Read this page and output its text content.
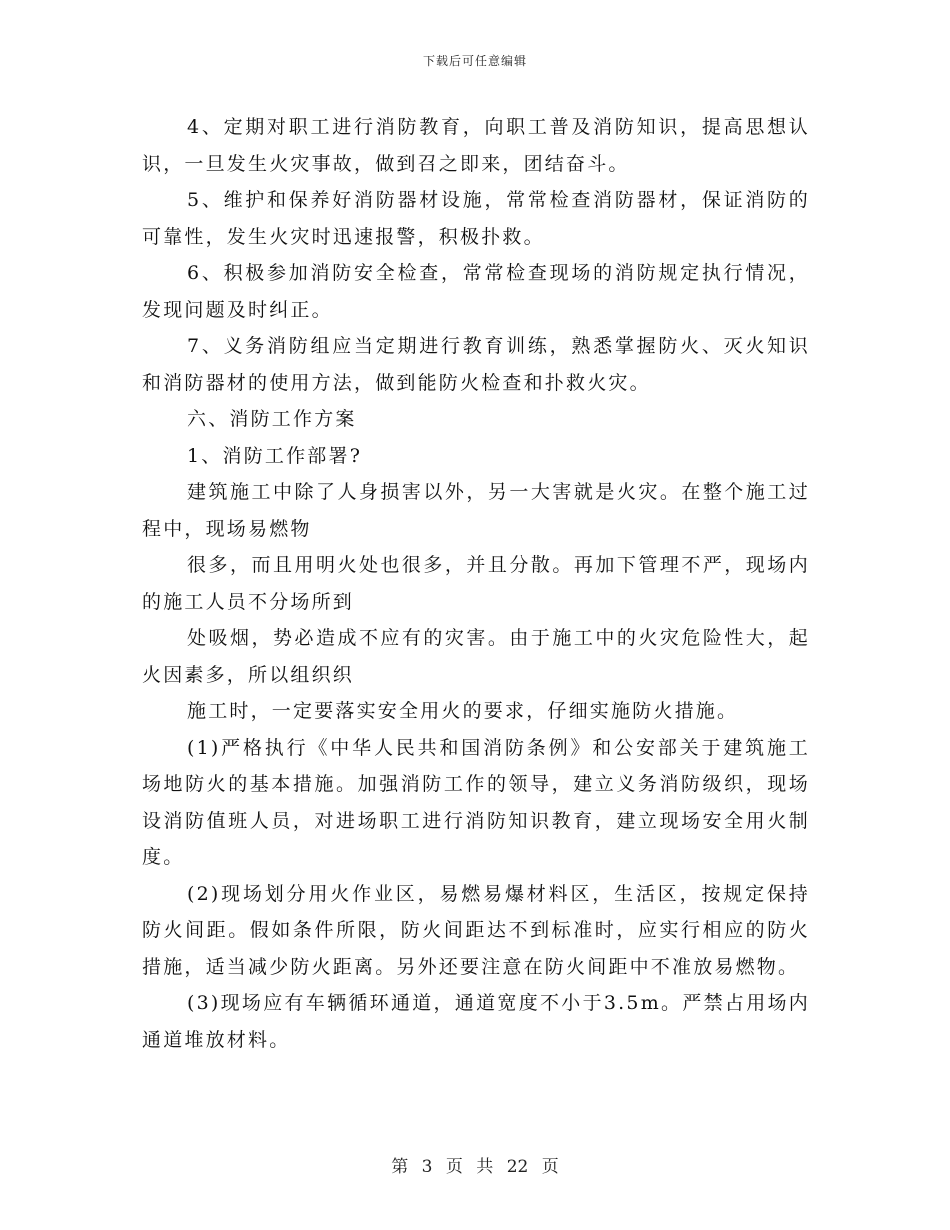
下载后可任意编辑

4、定期对职工进行消防教育，向职工普及消防知识，提高思想认识，一旦发生火灾事故，做到召之即来，团结奋斗。

5、维护和保养好消防器材设施，常常检查消防器材，保证消防的可靠性，发生火灾时迅速报警，积极扑救。

6、积极参加消防安全检查，常常检查现场的消防规定执行情况，发现问题及时纠正。

7、义务消防组应当定期进行教育训练，熟悉掌握防火、灭火知识和消防器材的使用方法，做到能防火检查和扑救火灾。

六、消防工作方案

1、消防工作部署?

建筑施工中除了人身损害以外，另一大害就是火灾。在整个施工过程中，现场易燃物

很多，而且用明火处也很多，并且分散。再加下管理不严，现场内的施工人员不分场所到

处吸烟，势必造成不应有的灾害。由于施工中的火灾危险性大，起火因素多，所以组织织

施工时，一定要落实安全用火的要求，仔细实施防火措施。

(1)严格执行《中华人民共和国消防条例》和公安部关于建筑施工场地防火的基本措施。加强消防工作的领导，建立义务消防级织，现场设消防值班人员，对进场职工进行消防知识教育，建立现场安全用火制度。

(2)现场划分用火作业区，易燃易爆材料区，生活区，按规定保持防火间距。假如条件所限，防火间距达不到标准时，应实行相应的防火措施，适当减少防火距离。另外还要注意在防火间距中不准放易燃物。

(3)现场应有车辆循环通道，通道宽度不小于3.5m。严禁占用场内通道堆放材料。

第 3 页 共 22 页
